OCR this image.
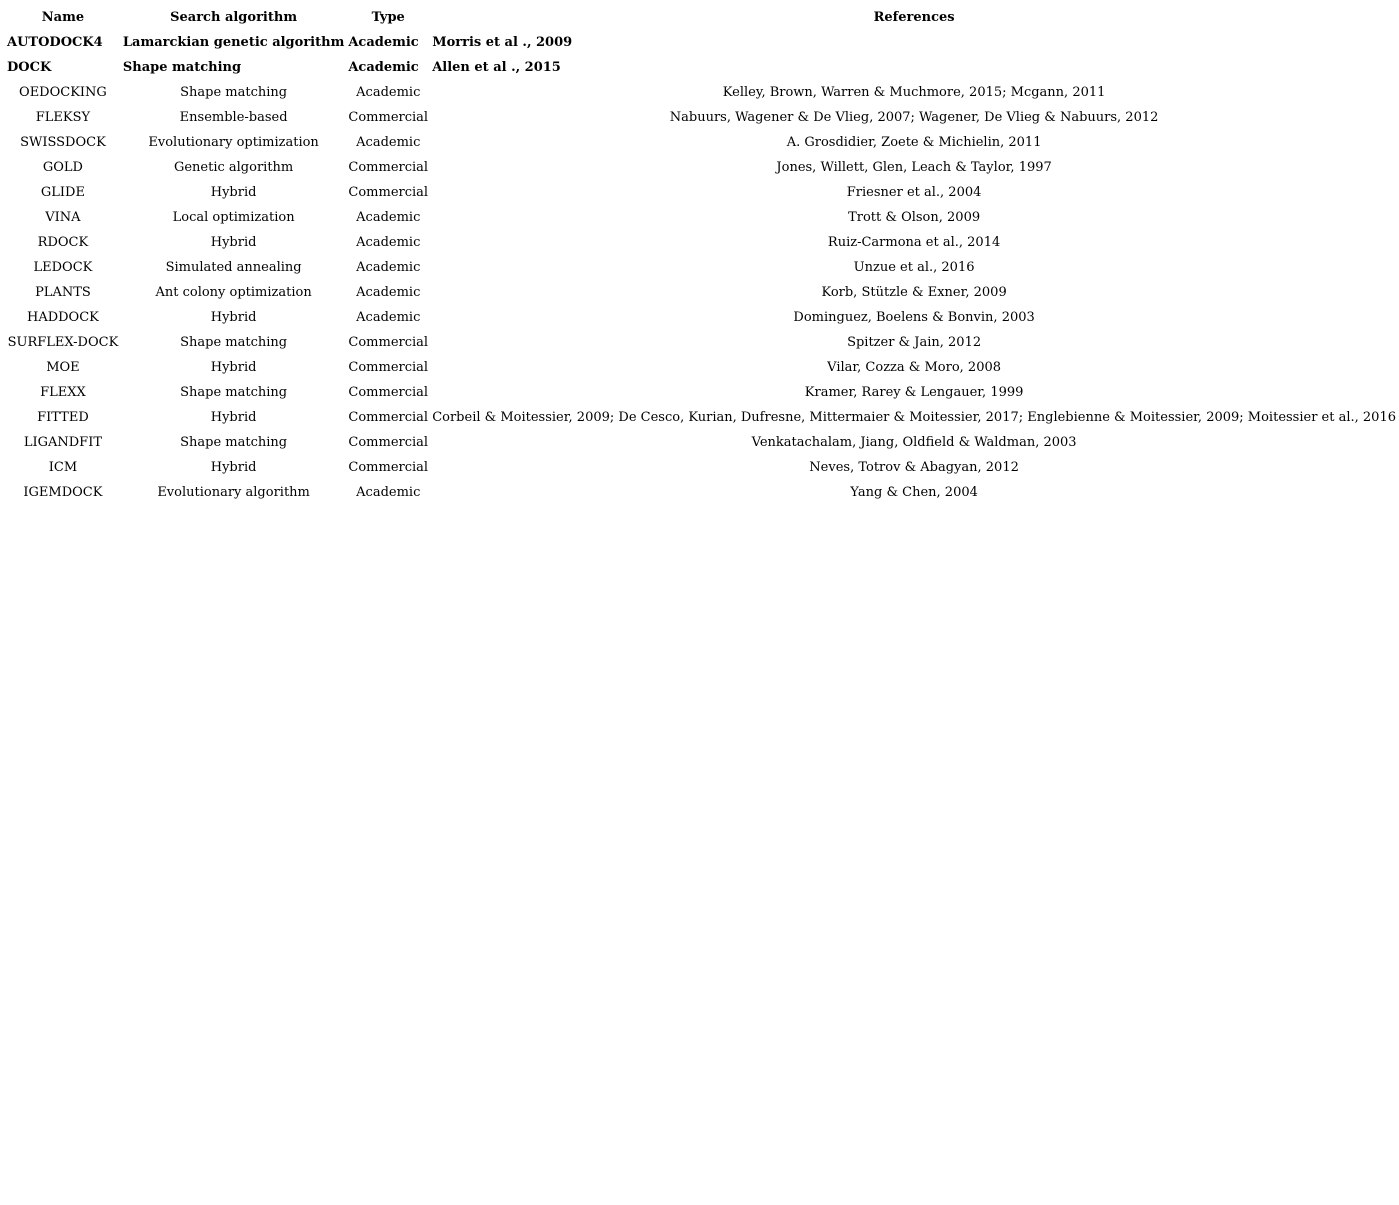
Name	Search algorithm	Type	References
AUTODOCK4	Lamarckian genetic algorithm	Academic	Morris et al ., 2009
DOCK	Shape matching	Academic	Allen et al ., 2015
OEDOCKING	Shape matching	Academic	Kelley, Brown, Warren & Muchmore, 2015; Mcgann, 2011
FLEKSY	Ensemble-based	Commercial	Nabuurs, Wagener & De Vlieg, 2007; Wagener, De Vlieg & Nabuurs, 2012
SWISSDOCK	Evolutionary optimization	Academic	A. Grosdidier, Zoete & Michielin, 2011
GOLD	Genetic algorithm	Commercial	Jones, Willett, Glen, Leach & Taylor, 1997
GLIDE	Hybrid	Commercial	Friesner et al., 2004
VINA	Local optimization	Academic	Trott & Olson, 2009
RDOCK	Hybrid	Academic	Ruiz-Carmona et al., 2014
LEDOCK	Simulated annealing	Academic	Unzue et al., 2016
PLANTS	Ant colony optimization	Academic	Korb, Stützle & Exner, 2009
HADDOCK	Hybrid	Academic	Dominguez, Boelens & Bonvin, 2003
SURFLEX-DOCK	Shape matching	Commercial	Spitzer & Jain, 2012
MOE	Hybrid	Commercial	Vilar, Cozza & Moro, 2008
FLEXX	Shape matching	Commercial	Kramer, Rarey & Lengauer, 1999
FITTED	Hybrid	Commercial	Corbeil & Moitessier, 2009; De Cesco, Kurian, Dufresne, Mittermaier & Moitessier, 2017; Englebienne & Moitessier, 2009; Moitessier et al., 2016
LIGANDFIT	Shape matching	Commercial	Venkatachalam, Jiang, Oldfield & Waldman, 2003
ICM	Hybrid	Commercial	Neves, Totrov & Abagyan, 2012
IGEMDOCK	Evolutionary algorithm	Academic	Yang & Chen, 2004
